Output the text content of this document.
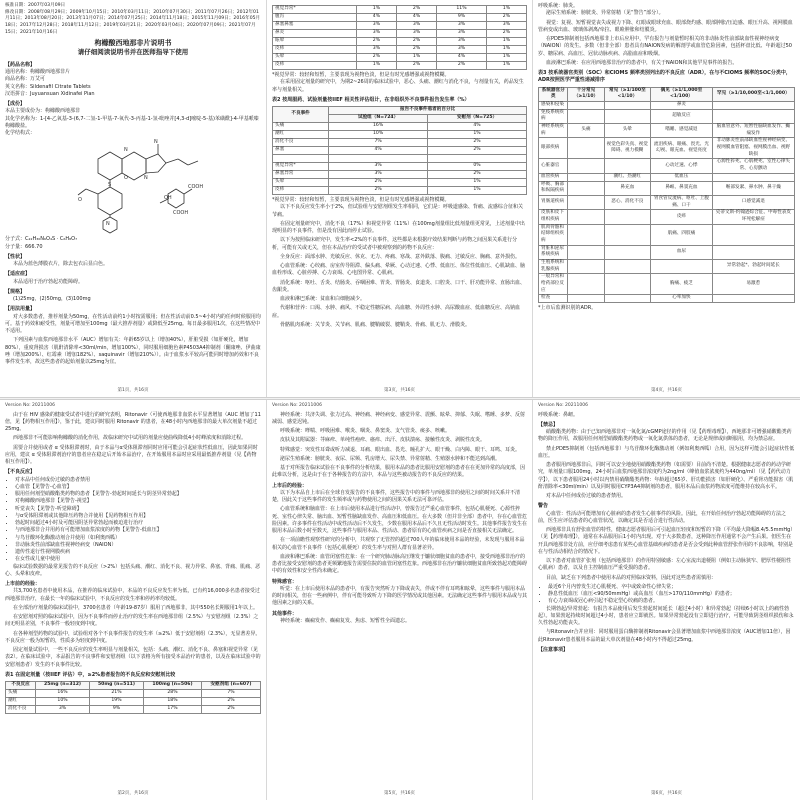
核准日期：2007年03月09日
修改日期：2008年08月29日；2009年10月15日；2010年03月11日；2010年07月30日；2011年07月26日；2012年01月11日；2013年08月20日；2013年11月07日；2014年07月25日；2014年11月18日；2015年11月09日；2016年05月18日；2017年12月28日；2018年11月12日；2019年03月21日；2020年03月04日；2020年07月09日；2021年07月15日；2021年10月16日
枸橼酸西地那非片说明书
请仔细阅读说明书并在医师指导下使用
【药品名称】
通用名称：枸橼酸西地那非片
商品名称：万艾可
英文名称：Sildenafil Citrate Tablets
汉语拼音：Juyuansuan Xidinafei Pian
【成份】
本品主要成份为：枸橼酸西地那非
其化学名称为：1-[4-乙氧基-3-(6,7-二氢-1-甲基-7-氧代-3-丙基-1-氢-吡唑并[4,3-d]嘧啶-5-基)苯磺酰]-4-甲基哌嗪枸橼酸盐。
化学结构式：
N
N
N
N
O
O
S
OH
COOH
COOH
分子式：C₂₂H₃₀N₆O₄S · C₆H₈O₇
分子量：666.70
【性状】

本品为蓝色薄膜衣片，除去包衣后显白色。

【适应症】

本品适用于治疗勃起功能障碍。

【规格】

(1)25mg，(2)50mg，(3)100mg

【用法用量】

对大多数患者，推荐剂量为50mg，在性活动前约1小时按需服用；但在性活动前0.5~4小时内的任何时候服用均可。基于药效和耐受性，剂量可增加至100mg（最大推荐剂量）或降低至25mg。每日最多服用1次，在这些情况中不适用。

下列因素与血浆西地那非水平（AUC）增加有关：年龄65岁以上（增加40%），肝脏受损（如肝硬化，增加80%），重度肾损害（肌酐清除率<30ml/min，增加100%），同时服用细胞色素P4503A4抑制剂（酮康唑、伊曲康唑（增加200%）、红霉素（增加182%）、saquinavir（增加210%））。由于血浆水平较高可能同时增加药效和不良事件发生率，故这些患者的起始剂量以25mg为宜。

第1页，共16页
视觉异常*	1%	2%	11%	1%
腹泻	4%	4%	9%	2%
鼻塞鼻塞	3%	3%	3%	3%
鼻炎	3%	3%	3%	2%
眩晕	2%	2%	3%	1%
皮疹	3%	2%	3%	1%
头晕	2%	1%	4%	1%
皮疹	1%	2%	2%	1%
*视觉异常：较轻和短暂，主要表现为视物色淡，但是有时光感增强或视物模糊。

在采用固定剂量的研究中，为期2~26周的临床试验中，恶心、头痛、潮红与消化不良，与剂量有关，药品发生率与剂量相关。

表2 按周服药、试验剂量按IIEF 相关性评估组计，在非组织外不良事件报告发生率（%）
不良事件	报告不良事件患者的百分比	
	试验组（N=724）	安慰剂（N=725）
头痛	16%	4%
潮红	10%	1%
消化不良	7%	2%
鼻塞	4%	2%

视觉异常*	3%	0%
鼻塞异常	3%	2%
头晕	2%	1%
皮疹	2%	1%
*视觉异常：较轻和短暂，主要表现为视物色淡，但是有时光感增强或视物模糊。

以下不良反应发生率小于2%，但试验组与安慰剂组发生率相同，它们是：呼吸道感染、背痛、流感综合征和关节痛。

在固定剂量研究中，消化不良（17%）和视觉异常（11%）在100mg剂量组比低剂量组更常见，上述剂量中出现明显的不良事件，但是没有因此而停止试验。

以下为按照临床研究中，发生率<2%的不良事件，这些都是未根据疗效结果判断与药物之间因果关系进行分析，可能有关或无关，但在本品治疗的受试者中被观察到的药物不良反应：

全身反应：面部水肿、光敏反应、休克、无力、疼痛、寒战、意外跌落、腹痛、过敏反应、胸痛、意外损伤。

心血管系统：心绞痛、房室传导阻滞、偏头痛、晕厥、心动过速、心悸、低血压、体位性低血压、心肌缺血、脑血栓形成、心脏停搏、心力衰竭、心电图异常、心肌病。

消化系统：呕吐、舌炎、结肠炎、吞咽困难、胃炎、胃肠炎、食道炎、口腔炎、口干、肝功能异常、直肠出血、齿龈炎。

血液和淋巴系统：贫血和白细胞减少。

代谢和营养：口渴、水肿、痛风、不稳定性糖尿病、高血糖、外周性水肿、高尿酸血症、低血糖反应、高钠血症。

骨骼肌肉系统：关节炎、关节病、肌痛、腱鞘破裂、腱鞘炎、骨痛、肌无力、滑膜炎。

第3页，共16页
呼吸系统：肺炎。

泌尿生殖系统：膀胱炎、异常射精（见“警告”部分）。

视觉：复视、短暂视觉丧失或视力下降、红眼或眼球充血、眼部烧灼感、眼部肿胀/压迫感、眼压升高、视网膜血管病变或出血、玻璃体剥离/牵拉、眼睑肿胀和结膜炎。

在PDE5抑制剂包括西地那非上市后应用中，罕有报告与剂量暂时相关的非动脉炎性前部缺血性视神经病变（NAION）的发生。多数（但非全部）患者具有NAION发病的解剖学或血管危险因素，包括杯盘比低、年龄超过50岁、糖尿病、高血压、冠状动脉疾病、高脂血症和吸烟。

血液淋巴系统：在应用西地那非治疗的患者中，有关于NAION和其他罕见事件的报告。

表3 按系统器官类别（SOC）和CIOMS 频率类别列出的不良反应（ADR），在与不CIOMS 频率的SOC分类中，ADR按照医学严重性递减排序
系统器官分类	十分常见（≥1/10）	常见（≥1/100至<1/10）	偶见（≥1/1,000至<1/100）	罕见（≥1/10,000至<1/1,000）
感染和侵染			鼻炎	
免疫系统疾病			超敏反应	
神经系统疾病	头痛	头晕	嗜睡、感觉减退	脑血管意外、短暂性脑缺血发作、癫痫发作
眼部疾病		视觉色彩失真、视觉障碍、视力模糊	流泪疾病、眼痛、畏光、光幻视、眼充血、视觉亮度	非动脉炎性前部缺血性视神经病变、视网膜血管阻塞、视网膜出血、视野缺损
心脏器官			心动过速、心悸	心源性猝死、心肌梗死、室性心律失常、心房颤动
血管疾病		潮红、热潮红	低血压	
呼吸、胸部和纵隔疾病		鼻充血	鼻衄、鼻窦充血	喉部发紧、鼻水肿、鼻干燥
胃肠道疾病		恶心、消化不良	胃食管反流病、呕吐、上腹痛、口干	口感觉减退
皮肤和皮下组织疾病			皮疹	史蒂文斯-约翰逊综合征、中毒性表皮坏死松解症
肌肉骨骼和结缔组织疾病			肌痛、四肢痛	
肾脏和泌尿系统疾病			血尿	
生殖系统和乳腺疾病				异常勃起*、勃起时间延长
一般异常和给药部位反应			胸痛、疲乏	易激惹
检查			心率加快	
*上市后监测识别的ADR。
第4页，共16页
Version No: 20211006

由于在 HIV 感染的健康受试者中进行的研究表明，Ritonavir（可使西地那非血浆水平显著增加（AUC 增加了11倍，见【药物相互作用】），鉴于此，建议同时服用 Ritonavir 的患者，在48小时内西地那非的最大单次剂量不超过25mg。

西地那非不可能影响枸橼酸的消化作用，故临床研究中试用的剂量应使曲线降低4小时峰浓度和消除过程。

需要合并使用或者 α 受体阻滞剂时，由于本品与α受体阻滞剂同时应用可能会引起症状性低血压，因此如果同时应用，建议 α 受体阻滞剂治疗的患者应在稳定后开始本品治疗，在开始服用本品时应采用最低推荐剂量（见【药物相互作用】）。

【不良反应】
• 对本品中任何成份过敏的患者禁用
• 心血管【见警告-心血管】
• 服用任何剂型硝酸酯类药物的患者【见警告-勃起时间延长与阴茎异常勃起】
• 对枸橼酸西地那非【见警告-视觉】
• 听觉丧失【见警告-听觉障碍】
• 与α受体阻滞剂或其他降压药物合并使用【见药物相互作用】
• 勃起时间超过4小时及可能因阴茎异常勃起而被迫进行治疗
• 与西地那非合并用药有可能增加血浆浓度的药物【见警告-低血压】
• 与鸟苷酸环化酶激动剂合并使用（如利奥西呱）
• 非动脉炎性前部缺血性视神经病变（NAION）
• 遗传性退行性视网膜疾病
• 在女性或儿童中使用

临床试验数据的最常见报告的不良反应（>2%）包括头痛、潮红、消化不良、视力异常、鼻塞、背痛、肌痛、恶心、头晕和皮疹。

上市前的经验：

共3,700名患者中使用本品，在推荐的临床试验中，本品的不良反应发生率为低，已有约16,000多名患者接受过西地那非治疗，在最长一年的临床试验中，不良反应的发生率和停药率均较低。

在全部治疗剂量的临床试验中，3700名患者（年龄19-87岁）服用了西地那非，其中550名长期服用1年以上。

在安慰剂对照的临床试验中，因为不良事件而停止治疗的发生率在西地那非组（2.5%）与安慰剂组（2.3%）之间无明显差别，不良事件一般轻度到中度。

在各种剂型药物的试验中，试验组对各个不良事件报告的发生率（≥2%）低于安慰剂组（2.3%），无显著差异。不良反应一般为短暂的，性质多为轻度到中度。

固定剂量试验中，一些不良反应的发生率明显与剂量相关，包括：头痛、潮红、消化不良、鼻塞和视觉异常（见表2）。在临床试验中，本品报告的不良事件和安慰剂组（以下表格为所有接受本品治疗的患者，以及在临床试验中的安慰剂患者）发生的不良事件比较。

表1 在固定剂量（按IIEF 评估）中，≥2%患者报告的不良反应和安慰剂比较
不良反应	25mg (n=312)	50mg (n=511)	100mg (n=506)	安慰剂组 (n=607)
头痛	16%	21%	28%	7%
潮红	10%	19%	18%	2%
消化不良	3%	9%	17%	2%
第2页，共16页
Version No: 20211006

神经系统：共济失调、张力过高、神经痛、神经病变、感觉异常、震颤、眩晕、抑郁、失眠、嗜睡、多梦、反射减弱、感觉迟钝。

呼吸系统：哮喘、呼吸困难、喉炎、咽炎、鼻窦炎、支气管炎、痰多、咳嗽。

皮肤及其附属器：荨麻疹、单纯性疱疹、瘙痒、出汗、皮肤溃疡、接触性皮炎、剥脱性皮炎。

特殊感觉：突发性耳聋或听力减退、耳痛、眼出血、畏光、瞳孔扩大、眼干燥、白内障、眼干、耳鸣、耳炎。

泌尿生殖系统：膀胱炎、夜尿、尿频、乳房增大、尿失禁、异常射精、生殖器水肿和不能达到高潮。

基于对所报告临床试验在不良事件的分析结果，服用本品的患者比服用安慰剂的患者在在更加异常的高度部，因此难以分析，这是由于在于各种报告的方法中，本品与这些被动报告的不良反应的结果。

上市后的经验：

以下为本品自上市后在全球自发报告的不良事件，这些报告中的事件与西地那非的使用之间的时间关系并不清楚，因此关于这些事件的发生频率或与药物使用之间的因果关系无法可靠评估。

心血管系统和脑血管：在上市后使用本品进行性活动中，曾报告过严重心血管事件，包括心肌梗死、心源性猝死、室性心律失常、脑出血、短暂性脑缺血发作、高血压和低血压。在大多数（但并非全部）患者中，存在心血管危险因素。许多事件在性活动中或性活动后不久发生，少数在服用本品后不久且无性活动时发生。其他事件报告发生在服用本品后数小时至数天，这些事件与服用本品、性活动、患者原有的心血管疾病之间是否直接相关无法确定。

在一项前瞻性观察性研究的分析中，共观察了无管控的超过700人年的临床使用本品的经验，未发现与服用本品相关的心血管不良事件（包括心肌梗死）的发生率与对照人群有显著差异。

血液和淋巴系统：血管闭塞性危象：在一个研究肺动脉高压继发于镰状细胞贫血的患者中，接受西地那非治疗的患者比接受安慰剂的患者更频繁地报告需要住院的血管闭塞性危象。西地那非在治疗镰状细胞贫血所致勃起功能障碍中的有效性和安全性尚未确定。

特殊感官：

听觉：在上市后使用本品的患者中，有报告突然听力下降或丧失，伴或不伴有耳鸣和眩晕，这些事件与服用本品的时间相关，但在一些病例中，伴有可能导致听力下降的医学情况或其他因素。无法确定这些事件与服用本品或与其他因素之间的关系。

其他事件：

神经系统：癫痫发作、癫痫复发、焦虑、短暂性全面遗忘。

第5页，共16页
Version No: 20211006
呼吸系统：鼻衄。
【禁忌】

硝酸酯类药物：由于已知西地那非对一氧化氮/cGMP途径的作用（见【药理毒理】），西地那非可增强硝酸酯类药物的降压作用，故服用任何剂型硝酸酯类药物或一氧化氮供体的患者，无论是规律或间断服用，均为禁忌症。

禁止PDE5抑制剂（包括西地那非）与鸟苷酸环化酶激动剂（例如利奥西呱）合用，因为这样可能会引起症状性低血压。

患者服用西地那非后，同时可以安全地使用硝酸酯类药物（如需要）目前尚不清楚。根据健康志愿者的药动学研究，单剂量口服100mg，24小时后血浆西地那非浓度约为2ng/ml（峰值血浆浓度约为440ng/ml）（见【药代动力学】），以下患者服用24小时以内禁用硝酸酯类药物：年龄超过65岁、肝功能损害（如肝硬化）、严重肾功能损害（肌酐清除率<30ml/min）以及同时服用CYP3A4抑制剂的患者，服用本品后血浆药物浓度可能维持在较高水平。

对本品中任何成份过敏的患者禁用。

警告

心血管：性活动可能增加有心脏病的患者发生心脏事件的风险。因此，在开始任何治疗勃起功能障碍的方法之前，医生应评估患者的心血管状况，以确定其是否适合进行性活动。

西地那非具有舒张血管的特性，健康志愿者服用后可引起血压轻度和短暂的下降（平均最大降幅8.4/5.5mmHg）（见【药理毒理】），通常在本品服用后1小时内出现。对于大多数患者，这种降压作用通常不会产生后果。但医生在开具西地那非处方前，应仔细考虑患有某些心血管基础疾病的患者是否会受到此种血管舒张作用的不良影响，特别是在与性活动相结合的情况下。

以下患者对血管扩张剂（包括西地那非）的作用特别敏感：左心室流出道梗阻（例如主动脉狭窄、肥厚性梗阻性心肌病）患者，以及自主控制血压严重受损的患者。

目前，缺乏在下列患者中使用本品的对照临床资料，因此对这些患者需慎用：

• 最近6个月内曾发生过心肌梗死、卒中或致命性心律失常；
• 静息性低血压（血压<90/50mmHg）或高血压（血压>170/110mmHg）的患者；
• 有心力衰竭或冠心病引起不稳定型心绞痛的患者。

长期勃起/异常勃起：有报告本品使用后发生勃起时间延长（超过4小时）和异常勃起（持续6小时以上的痛性勃起）。如果勃起持续时间超过4小时，患者应立即就医。如果异常勃起没有立即进行治疗，可能导致阴茎组织损伤和永久性勃起功能丧失。

与Ritonavir合并应用：同时服用蛋白酶抑制剂Ritonavir会显著增加血浆中西地那非浓度（AUC增加11倍），因此Ritonavir患者服用本品的最大单次剂量在48小时内不得超过25mg。

【注意事项】
第6页，共16页
